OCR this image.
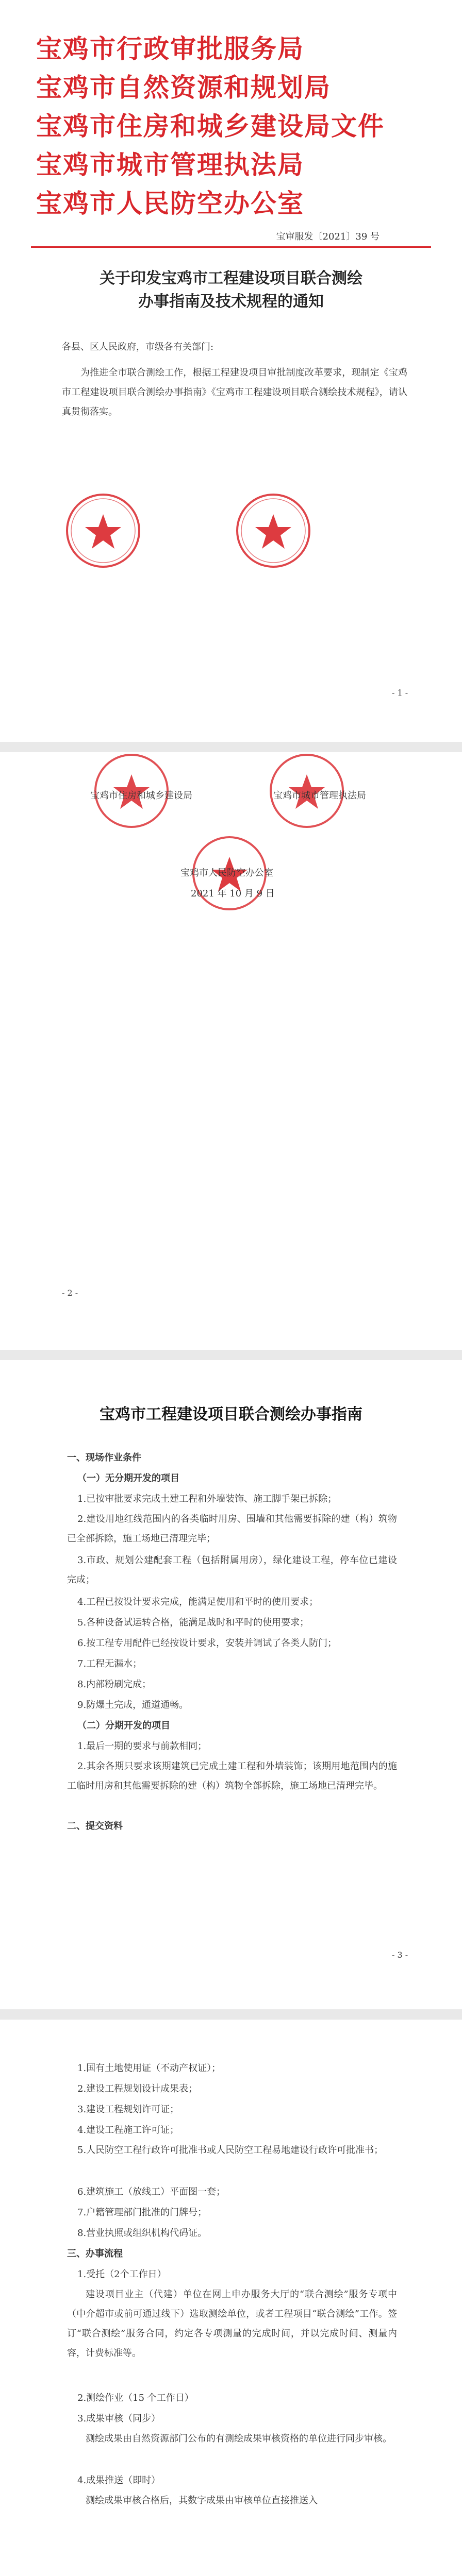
宝鸡市行政审批服务局
宝鸡市自然资源和规划局
宝鸡市住房和城乡建设局文件
宝鸡市城市管理执法局
宝鸡市人民防空办公室
宝审服发〔2021〕39 号
关于印发宝鸡市工程建设项目联合测绘
办事指南及技术规程的通知
各县、区人民政府，市级各有关部门:
为推进全市联合测绘工作，根据工程建设项目审批制度改革要求，现制定《宝鸡市工程建设项目联合测绘办事指南》《宝鸡市工程建设项目联合测绘技术规程》，请认真贯彻落实。
- 1 -
宝鸡市住房和城乡建设局	宝鸡市城市管理执法局
宝鸡市人民防空办公室
2021 年 10 月 9 日
- 2 -
宝鸡市工程建设项目联合测绘办事指南
一、现场作业条件
（一）无分期开发的项目
1.已按审批要求完成土建工程和外墙装饰、施工脚手架已拆除；
2.建设用地红线范围内的各类临时用房、围墙和其他需要拆除的建（构）筑物已全部拆除，施工场地已清理完毕；
3.市政、规划公建配套工程（包括附属用房），绿化建设工程，停车位已建设完成；
4.工程已按设计要求完成，能满足使用和平时的使用要求；
5.各种设备试运转合格，能满足战时和平时的使用要求；
6.按工程专用配件已经按设计要求，安装并调试了各类人防门；
7.工程无漏水；
8.内部粉刷完成；
9.防爆土完成，通道通畅。
（二）分期开发的项目
1.最后一期的要求与前款相同；
2.其余各期只要求该期建筑已完成土建工程和外墙装饰；该期用地范围内的施工临时用房和其他需要拆除的建（构）筑物全部拆除，施工场地已清理完毕。
二、提交资料
- 3 -
1.国有土地使用证（不动产权证）；
2.建设工程规划设计成果表；
3.建设工程规划许可证；
4.建设工程施工许可证；
5.人民防空工程行政许可批准书或人民防空工程易地建设行政许可批准书；
6.建筑施工（放线工）平面图一套；
7.户籍管理部门批准的门牌号；
8.营业执照或组织机构代码证。
三、办事流程
1.受托（2个工作日）
建设项目业主（代建）单位在网上申办服务大厅的“联合测绘”服务专项中（中介超市或前可通过线下）选取测绘单位，或者工程项目“联合测绘”工作。签订“联合测绘”服务合同，约定各专项测量的完成时间，并以完成时间、测量内容，计费标准等。
2.测绘作业（15 个工作日）
3.成果审核（同步）
测绘成果由自然资源部门公布的有测绘成果审核资格的单位进行同步审核。
4.成果推送（即时）
测绘成果审核合格后，其数字成果由审核单位直接推送入
